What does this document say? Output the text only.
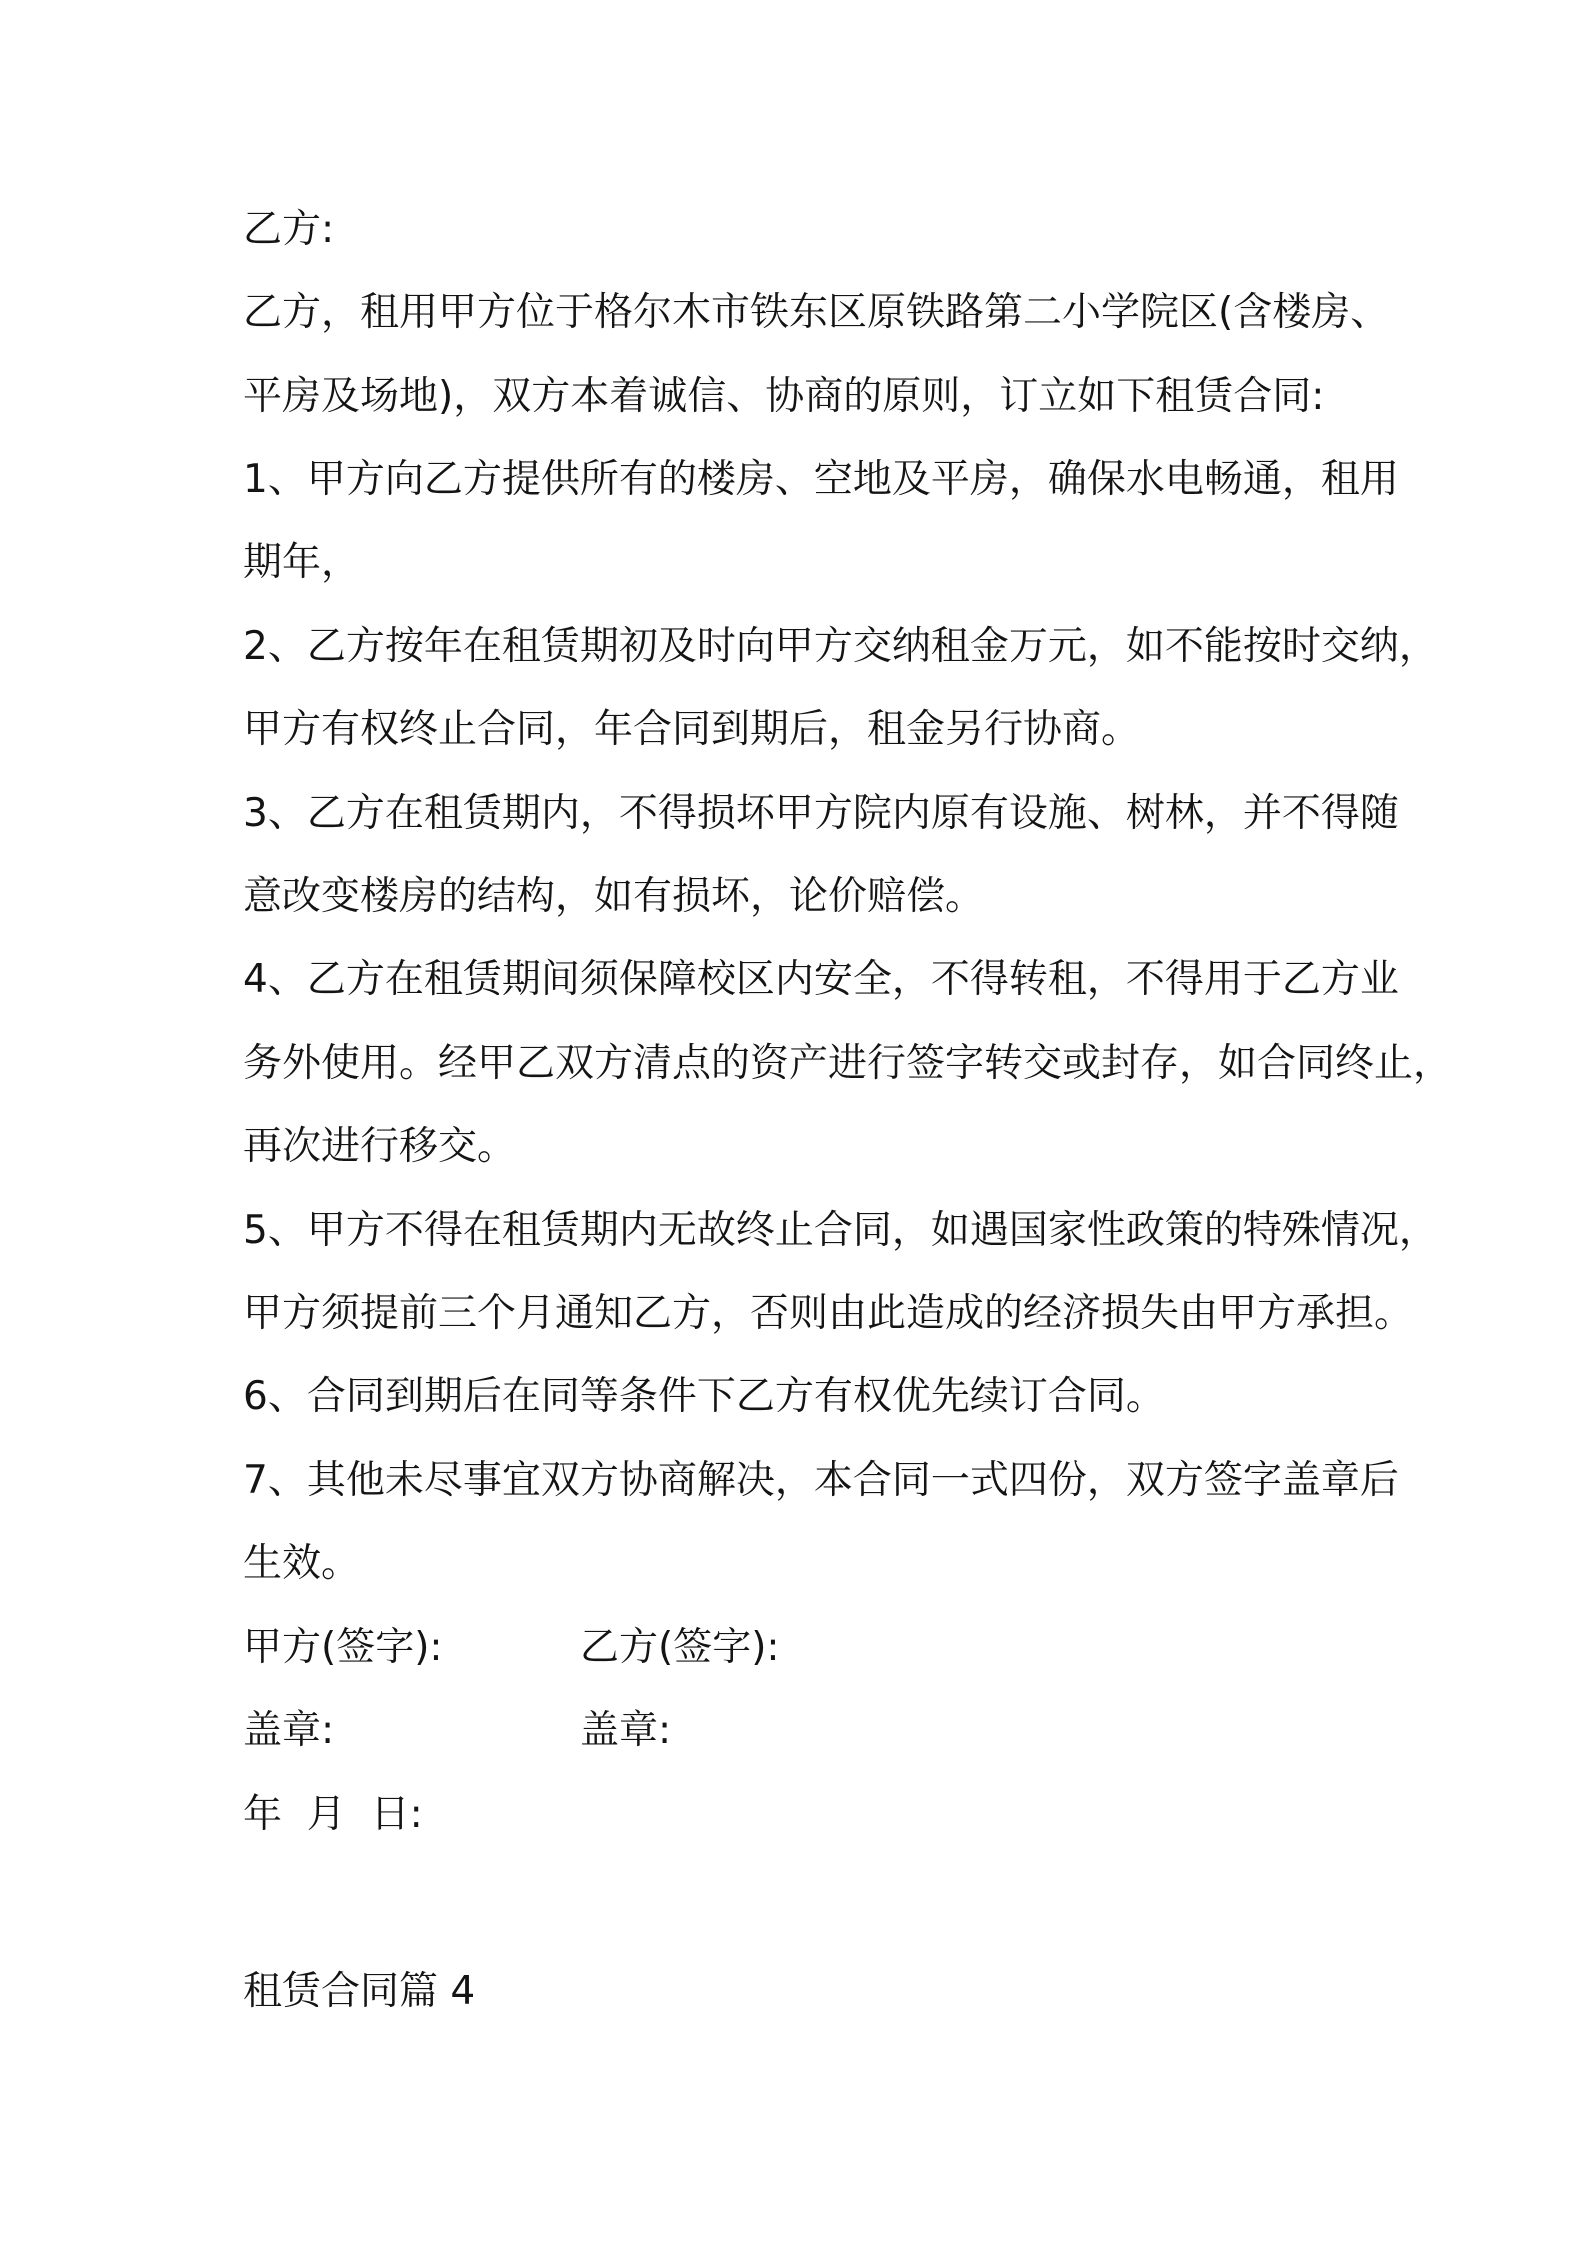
乙方:
乙方，租用甲方位于格尔木市铁东区原铁路第二小学院区(含楼房、
平房及场地)，双方本着诚信、协商的原则，订立如下租赁合同:
1、甲方向乙方提供所有的楼房、空地及平房，确保水电畅通，租用
期年，
2、乙方按年在租赁期初及时向甲方交纳租金万元，如不能按时交纳，
甲方有权终止合同，年合同到期后，租金另行协商。
3、乙方在租赁期内，不得损坏甲方院内原有设施、树林，并不得随
意改变楼房的结构，如有损坏，论价赔偿。
4、乙方在租赁期间须保障校区内安全，不得转租，不得用于乙方业
务外使用。经甲乙双方清点的资产进行签字转交或封存，如合同终止，
再次进行移交。
5、甲方不得在租赁期内无故终止合同，如遇国家性政策的特殊情况，
甲方须提前三个月通知乙方，否则由此造成的经济损失由甲方承担。
6、合同到期后在同等条件下乙方有权优先续订合同。
7、其他未尽事宜双方协商解决，本合同一式四份，双方签字盖章后
生效。
甲方(签字):	乙方(签字):
盖章:	盖章:
年  月  日:
租赁合同篇 4
